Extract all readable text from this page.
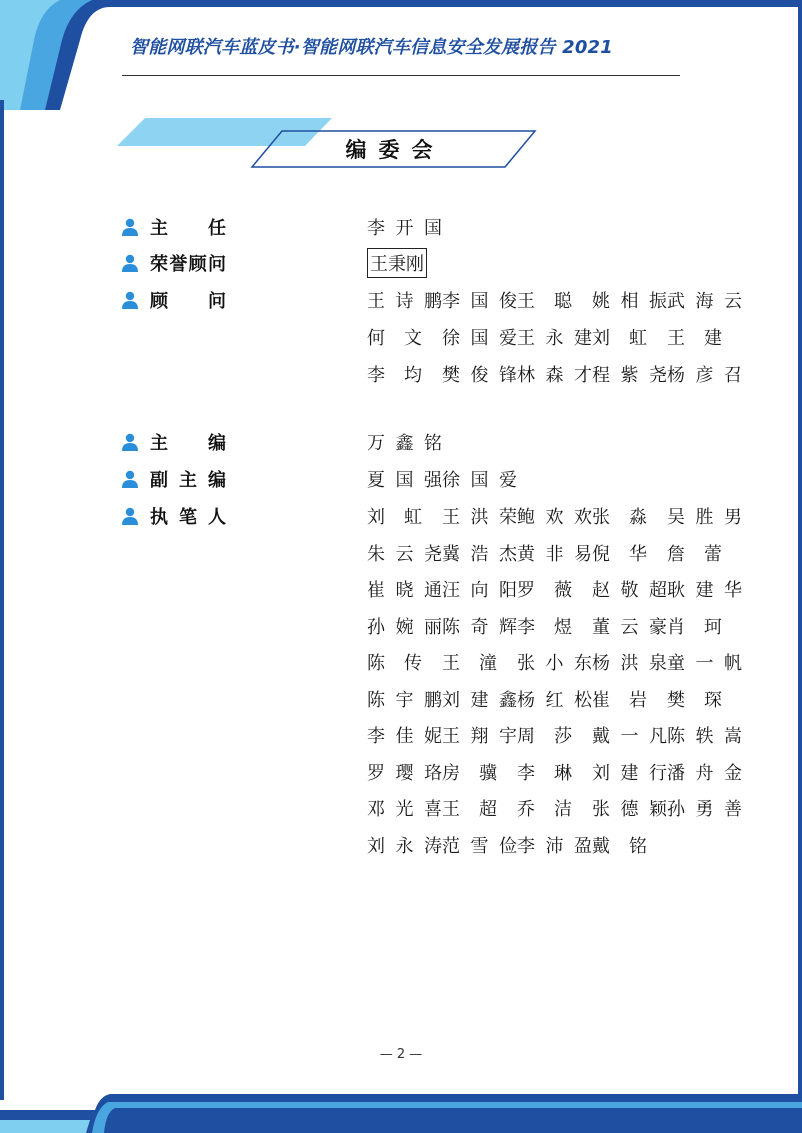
智能网联汽车蓝皮书·智能网联汽车信息安全发展报告 2021
编委会
主 任	李 开 国
荣 誉 顾 问	王秉刚
顾 问	王 诗 鹏 李 国 俊 王 聪 姚 相 振 武 海 云
何 文 徐 国 爱 王 永 建 刘 虹 王 建
李 均 樊 俊 锋 林 森 才 程 紫 尧 杨 彦 召
主 编	万 鑫 铭
副 主 编	夏 国 强 徐 国 爱
执 笔 人	刘 虹 王 洪 荣 鲍 欢 欢 张 淼 吴 胜 男
朱 云 尧 冀 浩 杰 黄 非 易 倪 华 詹 蕾
崔 晓 通 汪 向 阳 罗 薇 赵 敬 超 耿 建 华
孙 婉 丽 陈 奇 辉 李 煜 董 云 豪 肖 珂
陈 传 王 潼 张 小 东 杨 洪 泉 童 一 帆
陈 宇 鹏 刘 建 鑫 杨 红 松 崔 岩 樊 琛
李 佳 妮 王 翔 宇 周 莎 戴 一 凡 陈 轶 嵩
罗 璎 珞 房 骥 李 琳 刘 建 行 潘 舟 金
邓 光 喜 王 超 乔 洁 张 德 颖 孙 勇 善
刘 永 涛 范 雪 俭 李 沛 盈 戴 铭
— 2 —
